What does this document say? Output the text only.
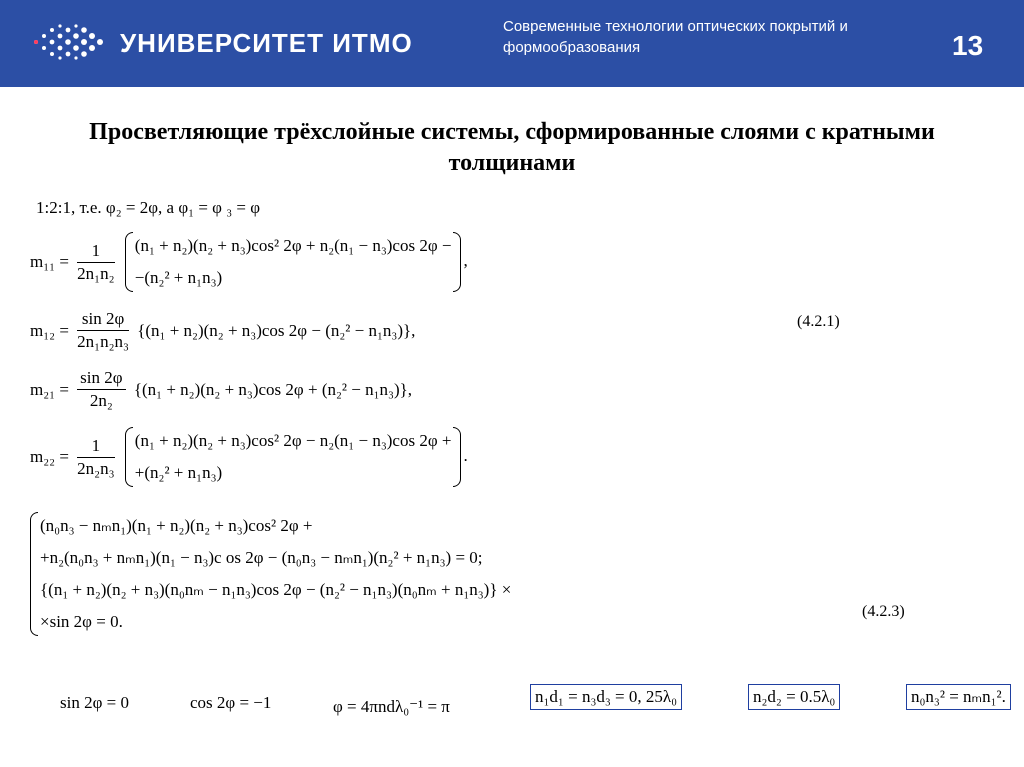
УНИВЕРСИТЕТ ИТМО
Современные технологии оптических покрытий и формообразования	13
Просветляющие трёхслойные системы, сформированные слоями с кратными толщинами
1:2:1, т.е. φ₂ = 2φ, а φ₁ = φ ₃ = φ
$m_{11} = \frac{1}{\text{2n₁n₂}}$
(n₁ + n₂)(n₂ + n₃)cos² 2φ + n₂(n₁ − n₃)cos 2φ −
−(n₂² + n₁n₃)
,
$m_{12} = \frac{\sin 2\varphi}{\text{2n₁n₂n₃}} \{(n_1 + n_2)(n_2 + n_3)\cos$ 2φ − (n₂² − n₁n₃)},	(4.2.1)
$m_{21} = \frac{\sin 2\varphi}{\text{2n₂}} \{(n_1 + n_2)(n_2 + n_3)\cos$ 2φ + (n₂² − n₁n₃)},
$m_{22} = \frac{1}{\text{2n₂n₃}}$
(n₁ + n₂)(n₂ + n₃)cos² 2φ − n₂(n₁ − n₃)cos 2φ +
+(n₂² + n₁n₃)
.
(n₀n₃ − nₘn₁)(n₁ + n₂)(n₂ + n₃)cos² 2φ +
+n₂(n₀n₃ + nₘn₁)(n₁ − n₃)c os 2φ − (n₀n₃ − nₘn₁)(n₂² + n₁n₃) = 0;
{(n₁ + n₂)(n₂ + n₃)(n₀nₘ − n₁n₃)cos 2φ − (n₂² − n₁n₃)(n₀nₘ + n₁n₃)} ×
×sin 2φ = 0.
(4.2.3)
sin 2φ = 0	cos 2φ = −1	φ = 4πndλ₀⁻¹ = π
n₁d₁ = n₃d₃ = 0, 25λ₀	n₂d₂ = 0.5λ₀	n₀n₃² = nₘn₁².
